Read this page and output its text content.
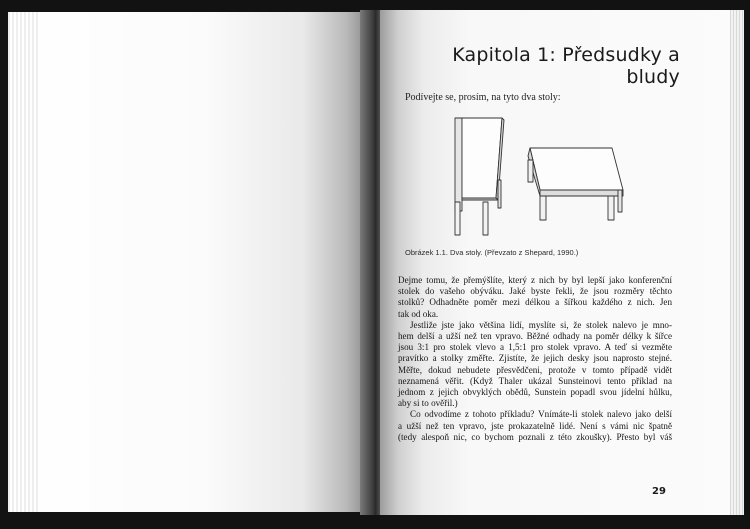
Kapitola 1: Předsudky a bludy
Podívejte se, prosím, na tyto dva stoly:
Obrázek 1.1. Dva stoly. (Převzato z Shepard, 1990.)
Dejme tomu, že přemýšlíte, který z nich by byl lepší jako konferenční
stolek do vašeho obýváku. Jaké byste řekli, že jsou rozměry těchto
stolků? Odhadněte poměr mezi délkou a šířkou každého z nich. Jen
tak od oka.
Jestliže jste jako většina lidí, myslíte si, že stolek nalevo je mno-
hem delší a užší než ten vpravo. Běžné odhady na poměr délky k šířce
jsou 3:1 pro stolek vlevo a 1,5:1 pro stolek vpravo. A teď si vezměte
pravítko a stolky změřte. Zjistíte, že jejich desky jsou naprosto stejné.
Měřte, dokud nebudete přesvědčeni, protože v tomto případě vidět
neznamená věřit. (Když Thaler ukázal Sunsteinovi tento příklad na
jednom z jejich obvyklých obědů, Sunstein popadl svou jídelní hůlku,
aby si to ověřil.)
Co odvodíme z tohoto příkladu? Vnímáte-li stolek nalevo jako delší
a užší než ten vpravo, jste prokazatelně lidé. Není s vámi nic špatně
(tedy alespoň nic, co bychom poznali z této zkoušky). Přesto byl váš
29
